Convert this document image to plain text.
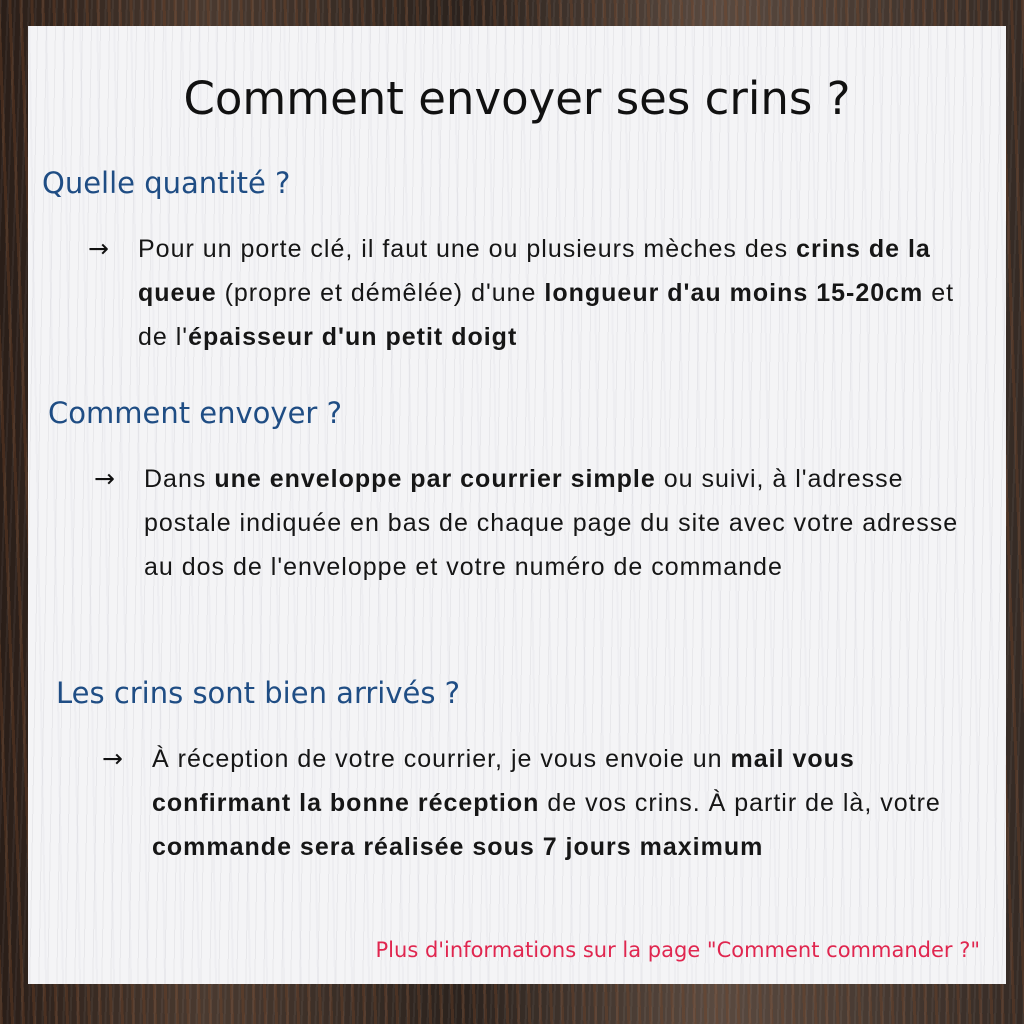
Comment envoyer ses crins ?
Quelle quantité ?
→ Pour un porte clé, il faut une ou plusieurs mèches des crins de la queue (propre et démêlée) d'une longueur d'au moins 15-20cm et de l'épaisseur d'un petit doigt
Comment envoyer ?
→ Dans une enveloppe par courrier simple ou suivi, à l'adresse postale indiquée en bas de chaque page du site avec votre adresse au dos de l'enveloppe et votre numéro de commande
Les crins sont bien arrivés ?
→ À réception de votre courrier, je vous envoie un mail vous confirmant la bonne réception de vos crins. À partir de là, votre commande sera réalisée sous 7 jours maximum
Plus d'informations sur la page "Comment commander ?"
